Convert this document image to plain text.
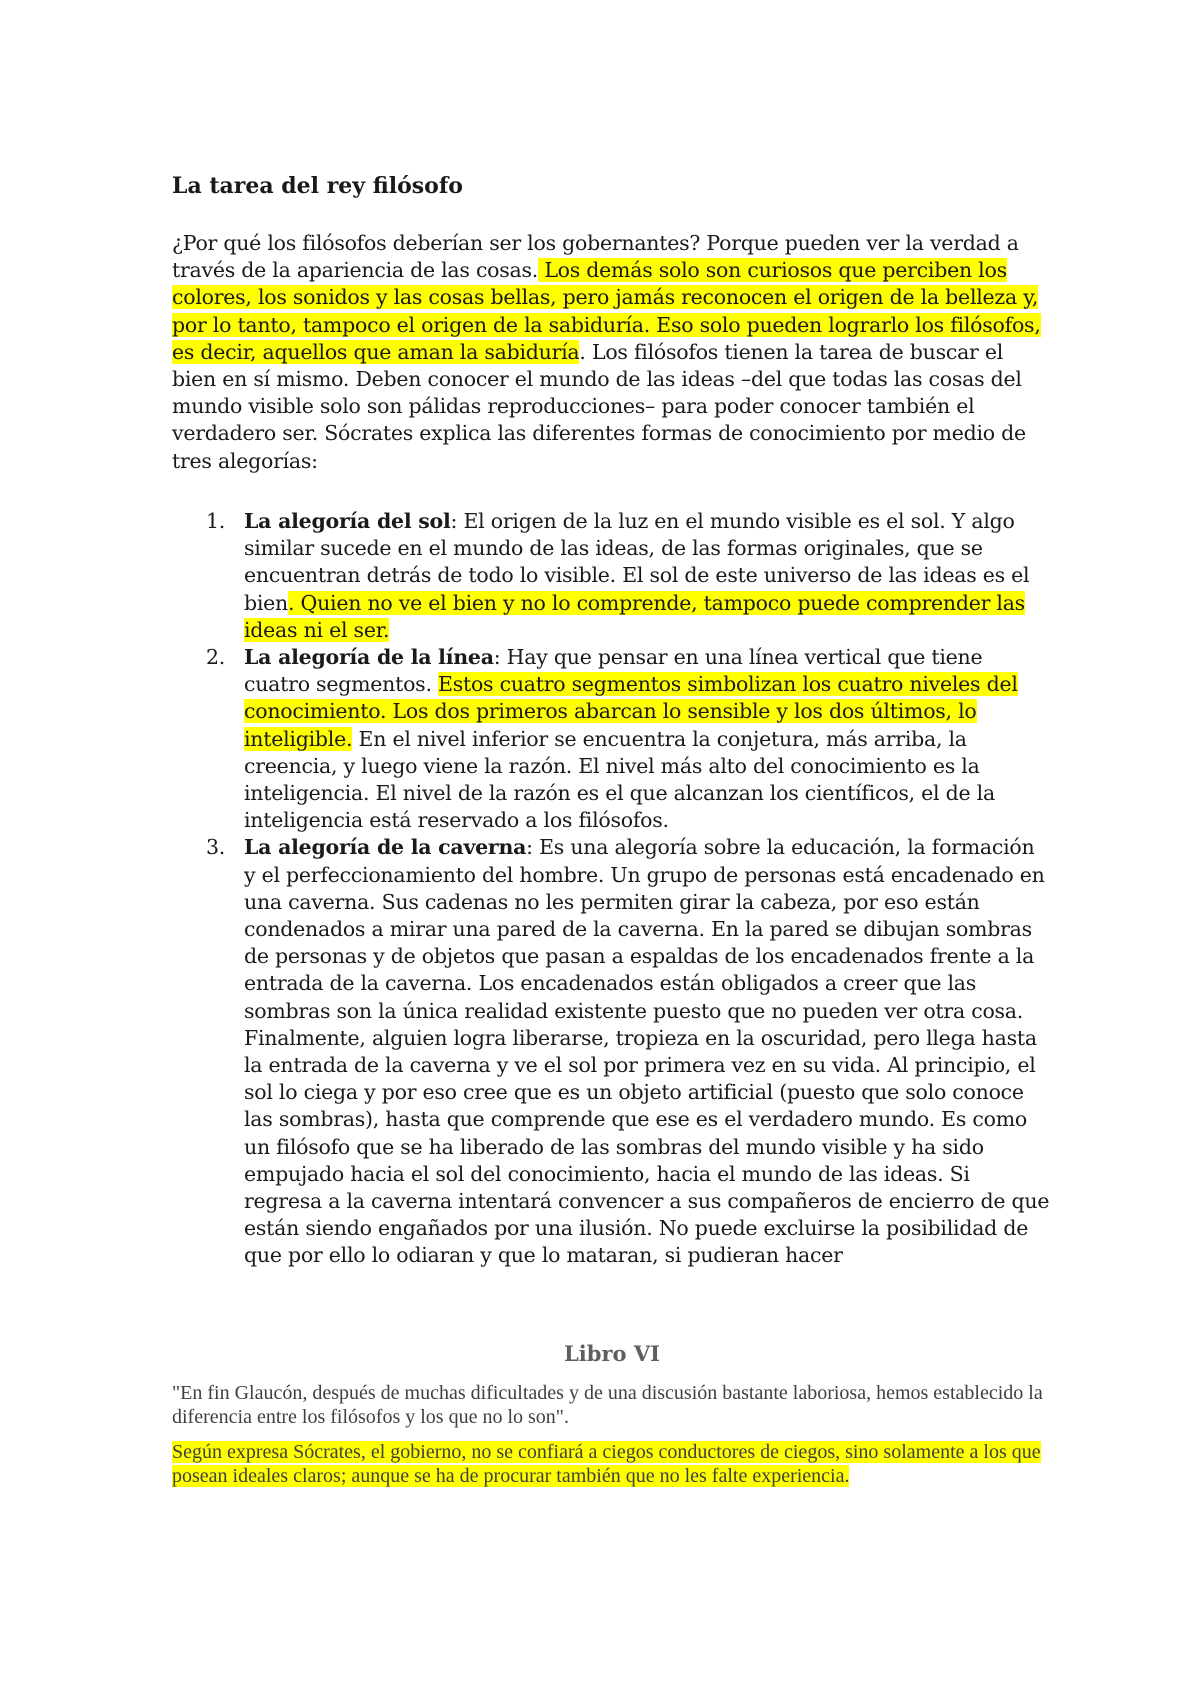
La tarea del rey filósofo

¿Por qué los filósofos deberían ser los gobernantes? Porque pueden ver la verdad a través de la apariencia de las cosas. Los demás solo son curiosos que perciben los colores, los sonidos y las cosas bellas, pero jamás reconocen el origen de la belleza y, por lo tanto, tampoco el origen de la sabiduría. Eso solo pueden lograrlo los filósofos, es decir, aquellos que aman la sabiduría. Los filósofos tienen la tarea de buscar el bien en sí mismo. Deben conocer el mundo de las ideas –del que todas las cosas del mundo visible solo son pálidas reproducciones– para poder conocer también el verdadero ser. Sócrates explica las diferentes formas de conocimiento por medio de tres alegorías:

1. La alegoría del sol: El origen de la luz en el mundo visible es el sol. Y algo similar sucede en el mundo de las ideas, de las formas originales, que se encuentran detrás de todo lo visible. El sol de este universo de las ideas es el bien. Quien no ve el bien y no lo comprende, tampoco puede comprender las ideas ni el ser.
2. La alegoría de la línea: Hay que pensar en una línea vertical que tiene cuatro segmentos. Estos cuatro segmentos simbolizan los cuatro niveles del conocimiento. Los dos primeros abarcan lo sensible y los dos últimos, lo inteligible. En el nivel inferior se encuentra la conjetura, más arriba, la creencia, y luego viene la razón. El nivel más alto del conocimiento es la inteligencia. El nivel de la razón es el que alcanzan los científicos, el de la inteligencia está reservado a los filósofos.
3. La alegoría de la caverna: Es una alegoría sobre la educación, la formación y el perfeccionamiento del hombre. Un grupo de personas está encadenado en una caverna. Sus cadenas no les permiten girar la cabeza, por eso están condenados a mirar una pared de la caverna. En la pared se dibujan sombras de personas y de objetos que pasan a espaldas de los encadenados frente a la entrada de la caverna. Los encadenados están obligados a creer que las sombras son la única realidad existente puesto que no pueden ver otra cosa. Finalmente, alguien logra liberarse, tropieza en la oscuridad, pero llega hasta la entrada de la caverna y ve el sol por primera vez en su vida. Al principio, el sol lo ciega y por eso cree que es un objeto artificial (puesto que solo conoce las sombras), hasta que comprende que ese es el verdadero mundo. Es como un filósofo que se ha liberado de las sombras del mundo visible y ha sido empujado hacia el sol del conocimiento, hacia el mundo de las ideas. Si regresa a la caverna intentará convencer a sus compañeros de encierro de que están siendo engañados por una ilusión. No puede excluirse la posibilidad de que por ello lo odiaran y que lo mataran, si pudieran hacer
Libro VI

"En fin Glaucón, después de muchas dificultades y de una discusión bastante laboriosa, hemos establecido la diferencia entre los filósofos y los que no lo son".

Según expresa Sócrates, el gobierno, no se confiará a ciegos conductores de ciegos, sino solamente a los que posean ideales claros; aunque se ha de procurar también que no les falte experiencia.
